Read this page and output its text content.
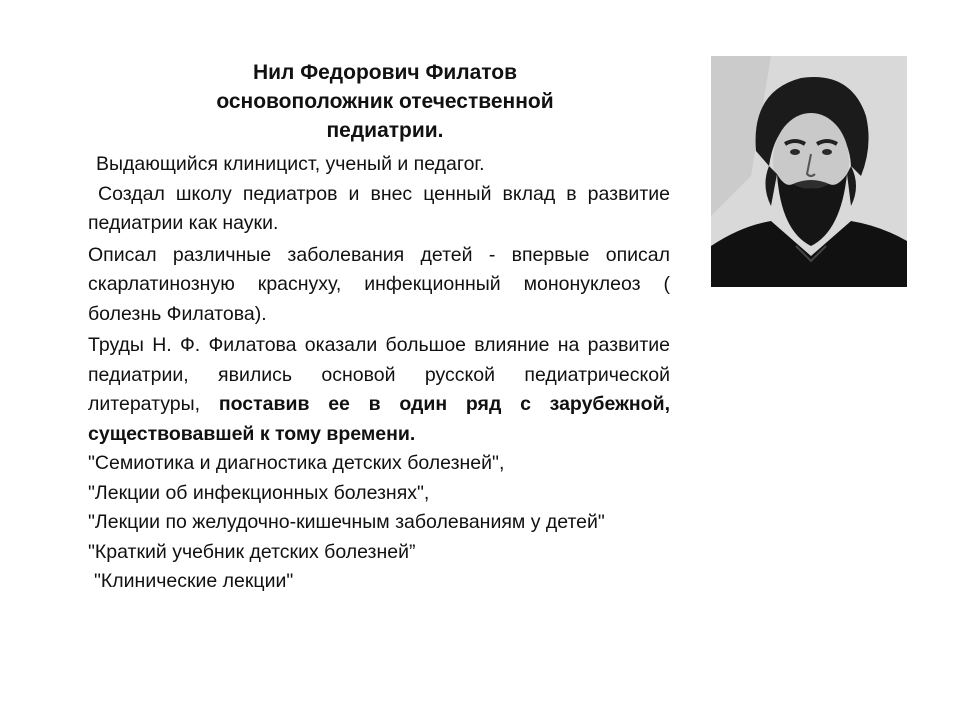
Нил Федорович Филатов
основоположник отечественной
педиатрии.

Выдающийся клиницист, ученый и педагог.

Создал школу педиатров и внес ценный вклад в развитие педиатрии как науки.

Описал различные заболевания детей - впервые описал скарлатинозную краснуху, инфекционный мононуклеоз ( болезнь Филатова).

Труды Н. Ф. Филатова оказали большое влияние на развитие педиатрии, явились основой русской педиатрической литературы, поставив ее в один ряд с зарубежной, существовавшей к тому времени.

"Семиотика и диагностика детских болезней",

"Лекции об инфекционных болезнях",

"Лекции по желудочно-кишечным заболеваниям у детей"

"Краткий учебник детских болезней”

"Клинические лекции"
